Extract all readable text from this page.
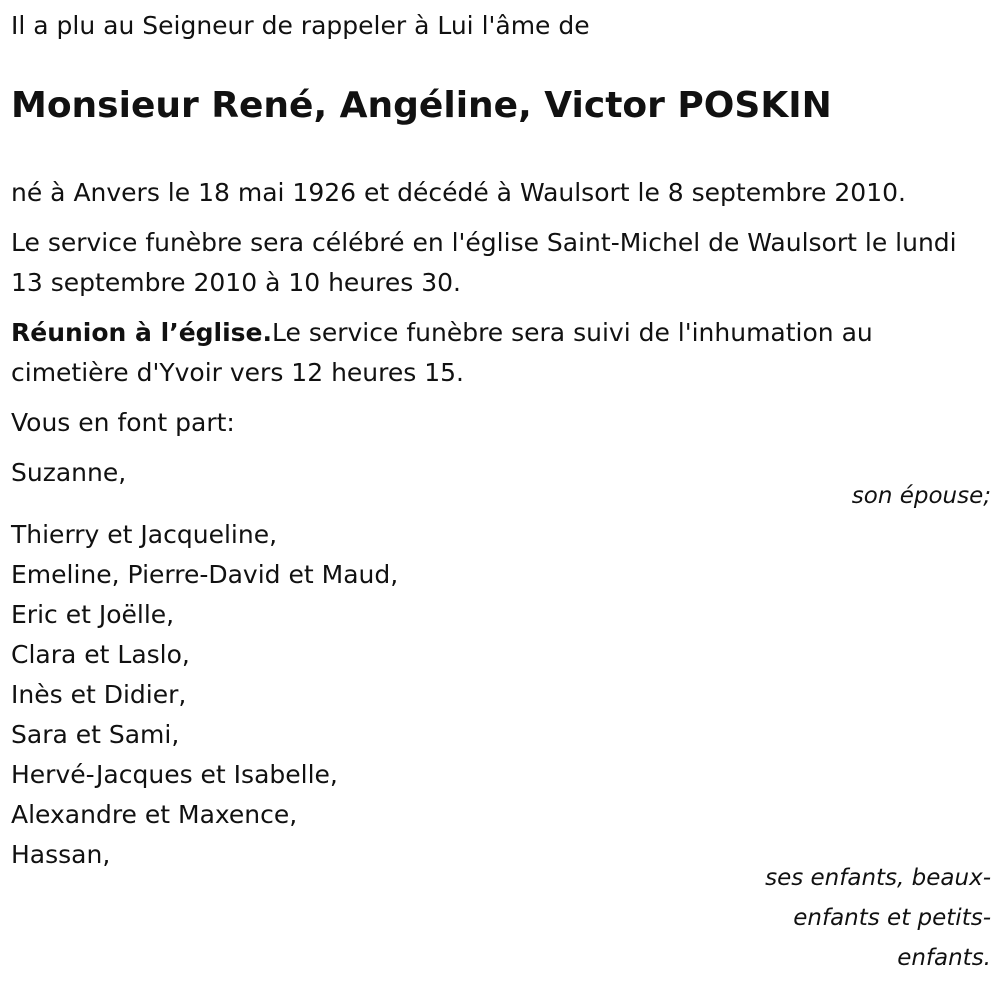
Il a plu au Seigneur de rappeler à Lui l'âme de
Monsieur René, Angéline, Victor POSKIN
né à Anvers le 18 mai 1926 et décédé à Waulsort le 8 septembre 2010.
Le service funèbre sera célébré en l'église Saint-Michel de Waulsort le lundi 13 septembre 2010 à 10 heures 30.
Réunion à l’église.Le service funèbre sera suivi de l'inhumation au cimetière d'Yvoir vers 12 heures 15.
Vous en font part:
Suzanne,
son épouse;
Thierry et Jacqueline,
Emeline, Pierre-David et Maud,
Eric et Joëlle,
Clara et Laslo,
Inès et Didier,
Sara et Sami,
Hervé-Jacques et Isabelle,
Alexandre et Maxence,
Hassan,
ses enfants, beaux-enfants et petits-enfants.
